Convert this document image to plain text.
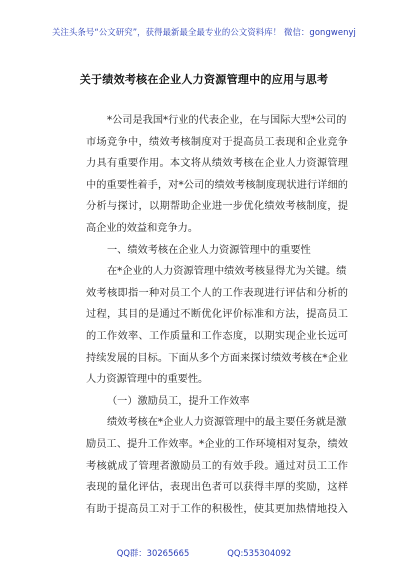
关注头条号“公文研究”，获得最新最全最专业的公文资料库！ 微信：gongwenyj
关于绩效考核在企业人力资源管理中的应用与思考
*公司是我国*行业的代表企业，在与国际大型*公司的
市场竞争中，绩效考核制度对于提高员工表现和企业竞争
力具有重要作用。本文将从绩效考核在企业人力资源管理
中的重要性着手，对*公司的绩效考核制度现状进行详细的
分析与探讨，以期帮助企业进一步优化绩效考核制度，提
高企业的效益和竞争力。
一、绩效考核在企业人力资源管理中的重要性
在*企业的人力资源管理中绩效考核显得尤为关键。绩
效考核即指一种对员工个人的工作表现进行评估和分析的
过程，其目的是通过不断优化评价标准和方法，提高员工
的工作效率、工作质量和工作态度，以期实现企业长远可
持续发展的目标。下面从多个方面来探讨绩效考核在*企业
人力资源管理中的重要性。
（一）激励员工，提升工作效率
绩效考核在*企业人力资源管理中的最主要任务就是激
励员工、提升工作效率。*企业的工作环境相对复杂，绩效
考核就成了管理者激励员工的有效手段。通过对员工工作
表现的量化评估，表现出色者可以获得丰厚的奖励，这样
有助于提高员工对于工作的积极性，使其更加热情地投入
QQ群：30265665	QQ:535304092
